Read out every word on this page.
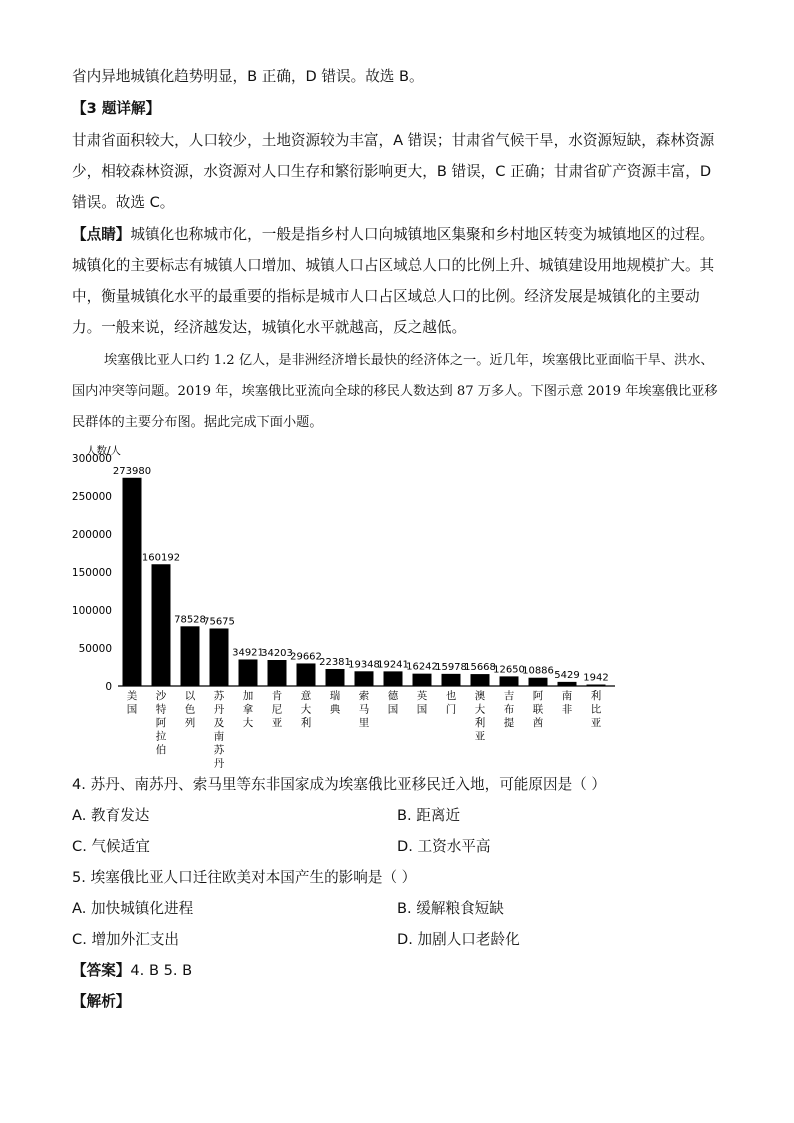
省内异地城镇化趋势明显，B 正确，D 错误。故选 B。
【3 题详解】
甘肃省面积较大，人口较少，土地资源较为丰富，A 错误；甘肃省气候干旱，水资源短缺，森林资源少，相较森林资源，水资源对人口生存和繁衍影响更大，B 错误，C 正确；甘肃省矿产资源丰富，D 错误。故选 C。
【点睛】城镇化也称城市化，一般是指乡村人口向城镇地区集聚和乡村地区转变为城镇地区的过程。城镇化的主要标志有城镇人口增加、城镇人口占区域总人口的比例上升、城镇建设用地规模扩大。其中，衡量城镇化水平的最重要的指标是城市人口占区域总人口的比例。经济发展是城镇化的主要动力。一般来说，经济越发达，城镇化水平就越高，反之越低。
埃塞俄比亚人口约 1.2 亿人，是非洲经济增长最快的经济体之一。近几年，埃塞俄比亚面临干旱、洪水、国内冲突等问题。2019 年，埃塞俄比亚流向全球的移民人数达到 87 万多人。下图示意 2019 年埃塞俄比亚移民群体的主要分布图。据此完成下面小题。
人数/人
0
50000
100000
150000
200000
250000
300000
273980
美国
160192
沙特阿拉伯
78528
以色列
75675
苏丹及南苏丹
34921
加拿大
34203
肯尼亚
29662
意大利
22381
瑞典
19348
索马里
19241
德国
16242
英国
15978
也门
15668
澳大利亚
12650
吉布提
10886
阿联酋
5429
南非
1942
利比亚
4. 苏丹、南苏丹、索马里等东非国家成为埃塞俄比亚移民迁入地，可能原因是（ ）
A. 教育发达	B. 距离近
C. 气候适宜	D. 工资水平高
5. 埃塞俄比亚人口迁往欧美对本国产生的影响是（ ）
A. 加快城镇化进程	B. 缓解粮食短缺
C. 增加外汇支出	D. 加剧人口老龄化
【答案】4. B 5. B
【解析】
